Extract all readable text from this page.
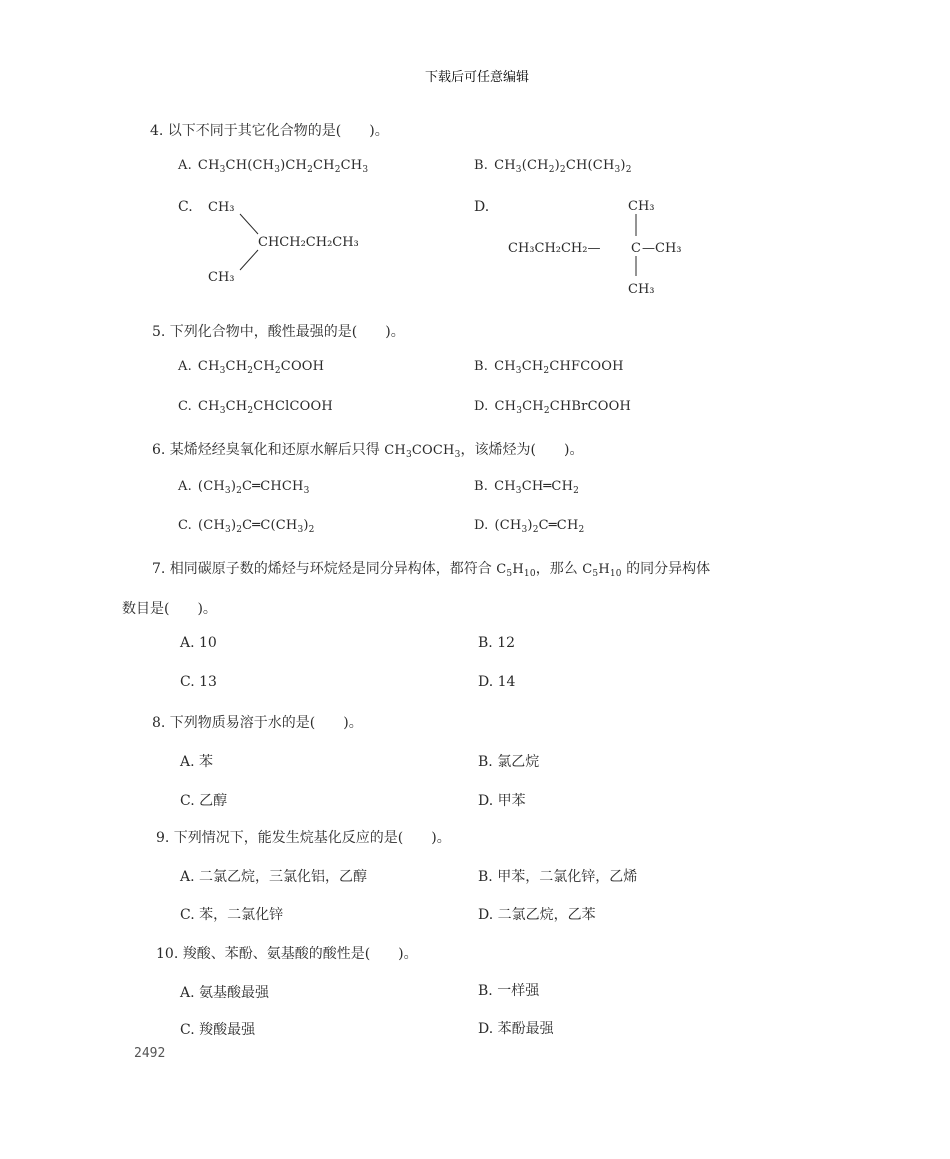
下载后可任意编辑
4. 以下不同于其它化合物的是(　　)。
A. $CH_3CH(CH_3)CH_2CH_2CH_3$	B. $CH_3(CH_2)_2CH(CH_3)_2$
C. CH₃
CHCH₂CH₂CH₃
CH₃
D.	CH₃
CH₃CH₂CH₂— C —CH₃
CH₃
5. 下列化合物中，酸性最强的是(　　)。
A. $CH_3CH_2CH_2COOH$	B. $CH_3CH_2CHFCOOH$
C. $CH_3CH_2CHClCOOH$	D. $CH_3CH_2CHBrCOOH$
6. 某烯烃经臭氧化和还原水解后只得 $CH_3COCH_3$，该烯烃为(　　)。
A. $(CH_3)_2C═CHCH_3$	B. $CH_3CH═CH_2$
C. $(CH_3)_2C═C(CH_3)_2$	D. $(CH_3)_2C═CH_2$
7. 相同碳原子数的烯烃与环烷烃是同分异构体，都符合 $C_5H_{10}$，那么 $C_5H_{10}$ 的同分异构体
数目是(　　)。
A. 10	B. 12
C. 13	D. 14
8. 下列物质易溶于水的是(　　)。
A. 苯	B. 氯乙烷
C. 乙醇	D. 甲苯
9. 下列情况下，能发生烷基化反应的是(　　)。
A. 二氯乙烷，三氯化铝，乙醇	B. 甲苯，二氯化锌，乙烯
C. 苯，二氯化锌	D. 二氯乙烷，乙苯
10. 羧酸、苯酚、氨基酸的酸性是(　　)。
A. 氨基酸最强	B. 一样强
C. 羧酸最强	D. 苯酚最强
2492
